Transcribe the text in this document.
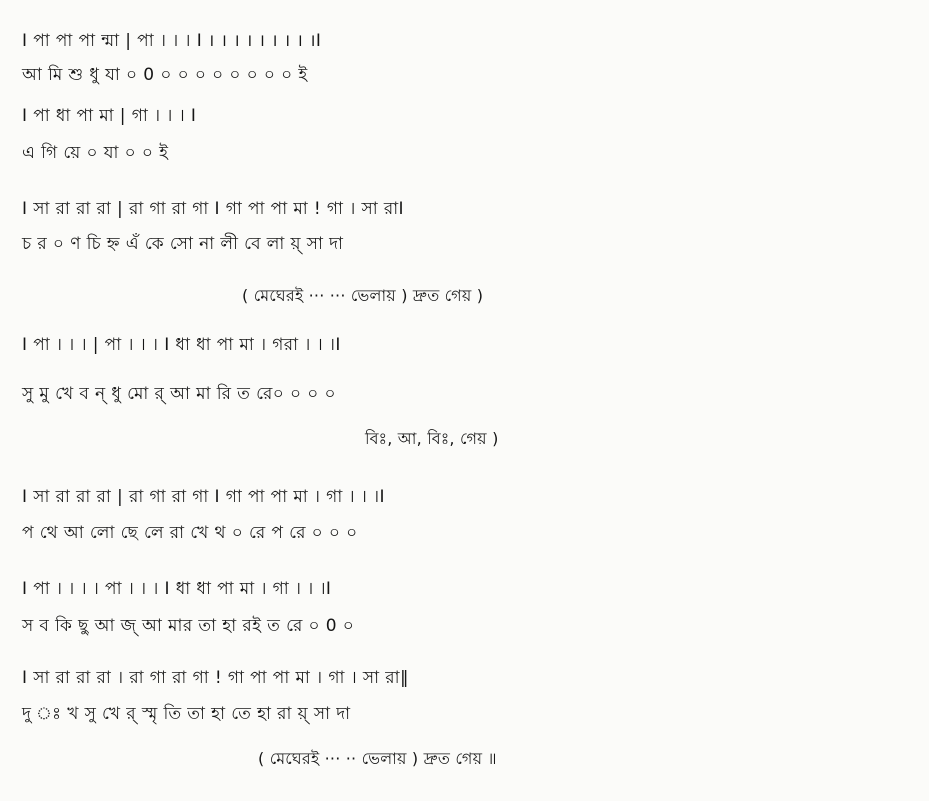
I পা পা পা ন্মা | পা । । । I । । । । । । । । ।I
আ মি শু ধু যা ০ 0 ০ ০ ০ ০ ০ ০ ০ ০ ই
I পা ধা পা মা | গা । । । I
এ গি য়ে ০ যা ০ ০ ই
I সা রা রা রা | রা গা রা গা I গা পা পা মা ! গা । সা রাI
চ র ০ ণ চি হ্ন এঁ কে সো না লী বে লা য়্ সা দা
( মেঘেরই ··· ··· ভেলায় ) দ্রুত গেয় )
I পা । । । | পা । । । I ধা ধা পা মা । গরা । । ।I
সু মু খে ব ন্ ধু মো র্ আ মা রি ত রে০ ০ ০ ০
বিঃ, আ, বিঃ, গেয় )
I সা রা রা রা | রা গা রা গা I গা পা পা মা । গা । । ।I
প থে আ লো ছে লে রা খে থ ০ রে প রে ০ ০ ০
I পা । । । । পা । । । I ধা ধা পা মা । গা । । ।I
স ব কি ছু আ জ্ আ মার তা হা রই ত রে ০ 0 ০
I সা রা রা রা । রা গা রা গা ! গা পা পা মা । গা । সা রা‖
দু ঃ খ সু খে র্ স্মৃ তি তা হা তে হা রা য়্ সা দা
( মেঘেরই ··· ·· ভেলায় ) দ্রুত গেয় ॥
